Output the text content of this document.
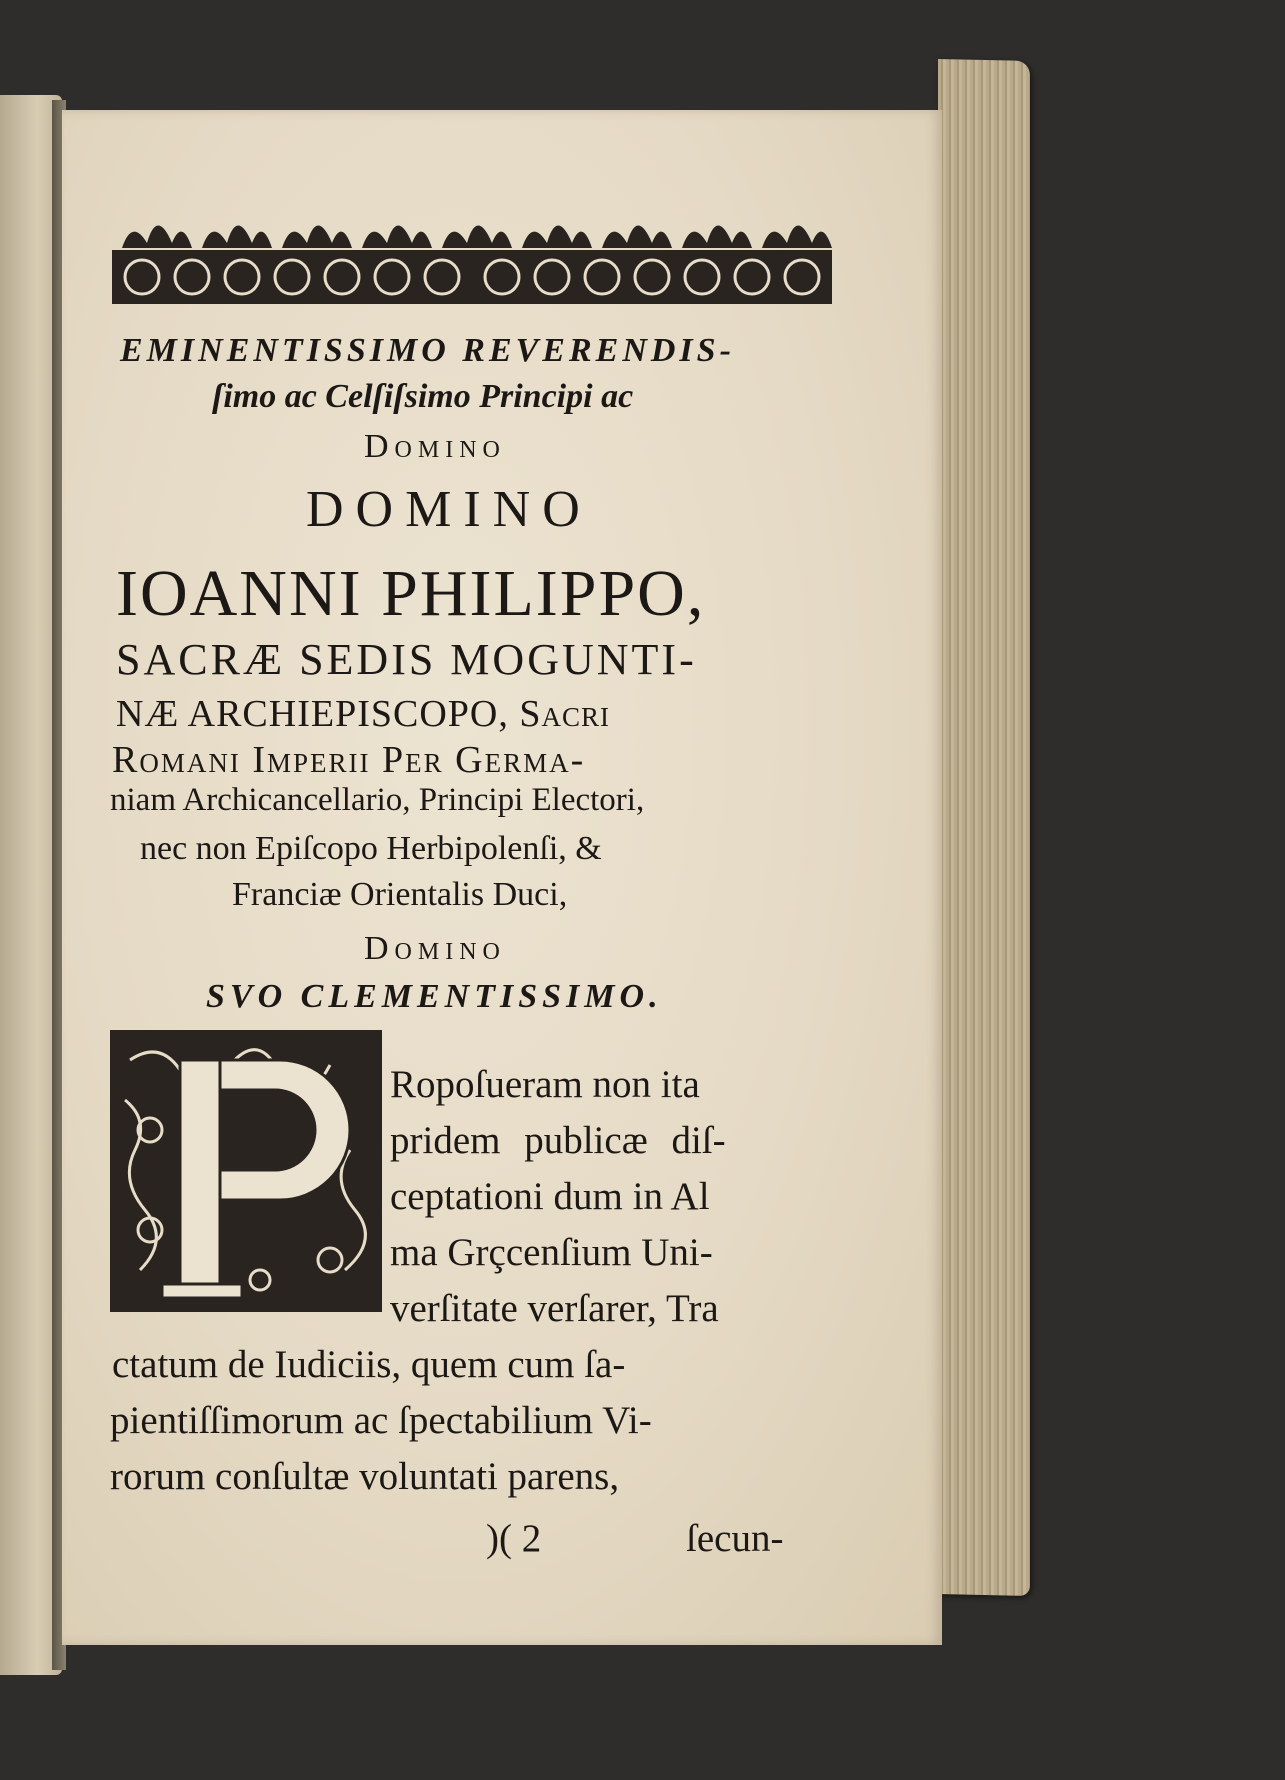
EMINENTISSIMO REVERENDIS-
ſimo ac Celſiſsimo Principi ac
Domino
DOMINO
IOANNI PHILIPPO,
SACRÆ SEDIS MOGUNTI-
NÆ ARCHIEPISCOPO, Sacri
Romani Imperii Per Germa-
niam Archicancellario, Principi Electori,
nec non Epiſcopo Herbipolenſi, &
Franciæ Orientalis Duci,
Domino
SVO CLEMENTISSIMO.
Ropoſueram non ita
pridem publicæ diſ-
ceptationi dum in Al
ma Grçcenſium Uni-
verſitate verſarer, Tra
ctatum de Iudiciis, quem cum ſa-
pientiſſimorum ac ſpectabilium Vi-
rorum conſultæ voluntati parens,
)( 2	ſecun-
